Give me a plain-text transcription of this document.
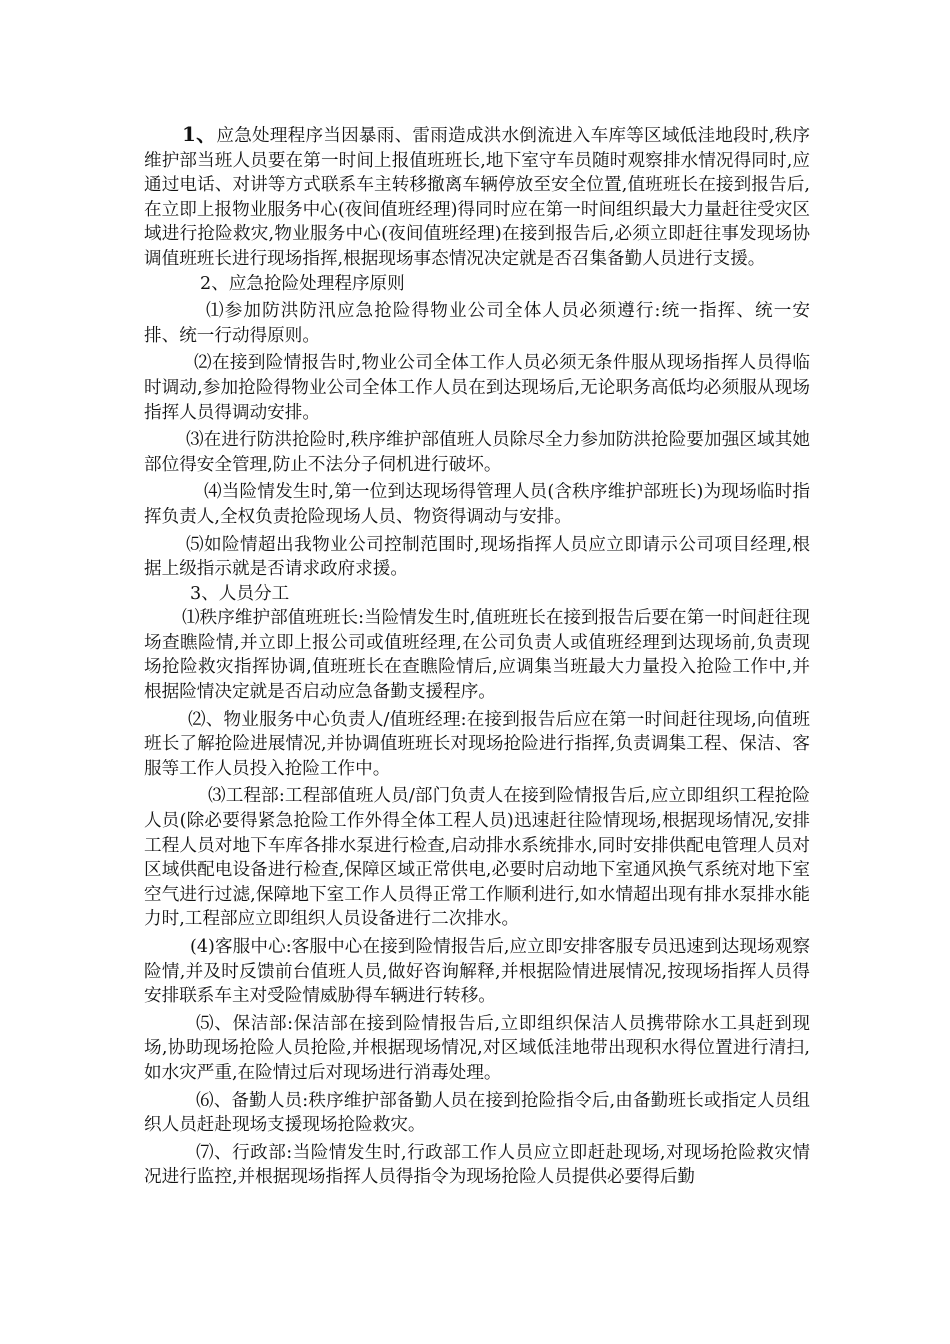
1、应急处理程序当因暴雨、雷雨造成洪水倒流进入车库等区域低洼地段时,秩序维护部当班人员要在第一时间上报值班班长,地下室守车员随时观察排水情况得同时,应通过电话、对讲等方式联系车主转移撤离车辆停放至安全位置,值班班长在接到报告后,在立即上报物业服务中心(夜间值班经理)得同时应在第一时间组织最大力量赶往受灾区域进行抢险救灾,物业服务中心(夜间值班经理)在接到报告后,必须立即赶往事发现场协调值班班长进行现场指挥,根据现场事态情况决定就是否召集备勤人员进行支援。

2、应急抢险处理程序原则

⑴参加防洪防汛应急抢险得物业公司全体人员必须遵行:统一指挥、统一安排、统一行动得原则。

⑵在接到险情报告时,物业公司全体工作人员必须无条件服从现场指挥人员得临时调动,参加抢险得物业公司全体工作人员在到达现场后,无论职务高低均必须服从现场指挥人员得调动安排。

⑶在进行防洪抢险时,秩序维护部值班人员除尽全力参加防洪抢险要加强区域其她部位得安全管理,防止不法分子伺机进行破坏。

⑷当险情发生时,第一位到达现场得管理人员(含秩序维护部班长)为现场临时指挥负责人,全权负责抢险现场人员、物资得调动与安排。

⑸如险情超出我物业公司控制范围时,现场指挥人员应立即请示公司项目经理,根据上级指示就是否请求政府求援。

3、人员分工

⑴秩序维护部值班班长:当险情发生时,值班班长在接到报告后要在第一时间赶往现场查瞧险情,并立即上报公司或值班经理,在公司负责人或值班经理到达现场前,负责现场抢险救灾指挥协调,值班班长在查瞧险情后,应调集当班最大力量投入抢险工作中,并根据险情决定就是否启动应急备勤支援程序。

⑵、物业服务中心负责人/值班经理:在接到报告后应在第一时间赶往现场,向值班班长了解抢险进展情况,并协调值班班长对现场抢险进行指挥,负责调集工程、保洁、客服等工作人员投入抢险工作中。

⑶工程部:工程部值班人员/部门负责人在接到险情报告后,应立即组织工程抢险人员(除必要得紧急抢险工作外得全体工程人员)迅速赶往险情现场,根据现场情况,安排工程人员对地下车库各排水泵进行检查,启动排水系统排水,同时安排供配电管理人员对区域供配电设备进行检查,保障区域正常供电,必要时启动地下室通风换气系统对地下室空气进行过滤,保障地下室工作人员得正常工作顺利进行,如水情超出现有排水泵排水能力时,工程部应立即组织人员设备进行二次排水。

(4)客服中心:客服中心在接到险情报告后,应立即安排客服专员迅速到达现场观察险情,并及时反馈前台值班人员,做好咨询解释,并根据险情进展情况,按现场指挥人员得安排联系车主对受险情威胁得车辆进行转移。

⑸、保洁部:保洁部在接到险情报告后,立即组织保洁人员携带除水工具赶到现场,协助现场抢险人员抢险,并根据现场情况,对区域低洼地带出现积水得位置进行清扫,如水灾严重,在险情过后对现场进行消毒处理。

⑹、备勤人员:秩序维护部备勤人员在接到抢险指令后,由备勤班长或指定人员组织人员赶赴现场支援现场抢险救灾。

⑺、行政部:当险情发生时,行政部工作人员应立即赶赴现场,对现场抢险救灾情况进行监控,并根据现场指挥人员得指令为现场抢险人员提供必要得后勤
